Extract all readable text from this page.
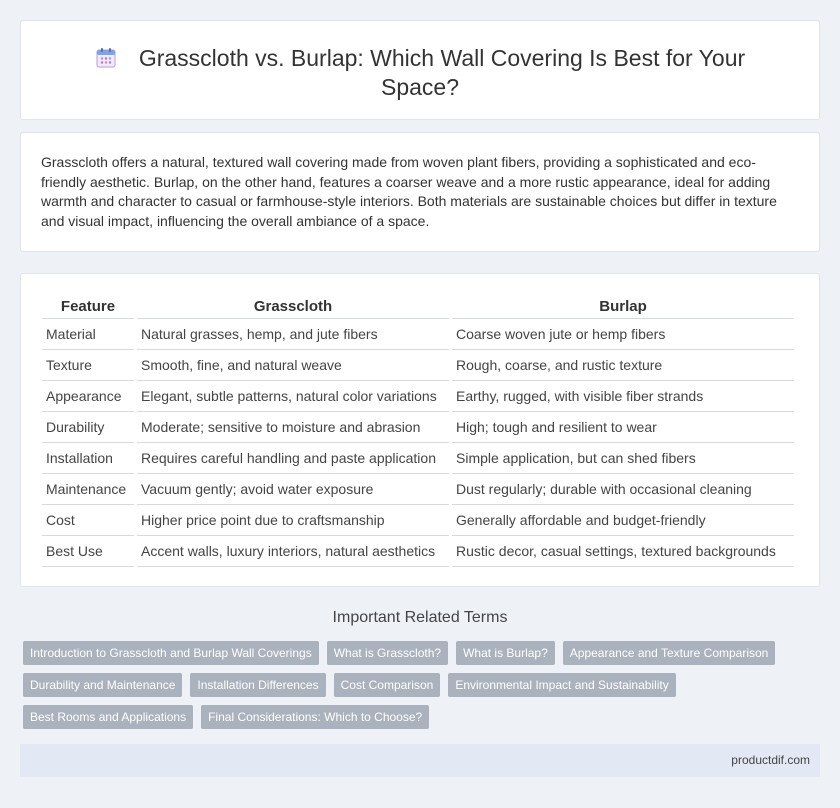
Grasscloth vs. Burlap: Which Wall Covering Is Best for Your Space?

Grasscloth offers a natural, textured wall covering made from woven plant fibers, providing a sophisticated and eco-friendly aesthetic. Burlap, on the other hand, features a coarser weave and a more rustic appearance, ideal for adding warmth and character to casual or farmhouse-style interiors. Both materials are sustainable choices but differ in texture and visual impact, influencing the overall ambiance of a space.

Feature	Grasscloth	Burlap
Material	Natural grasses, hemp, and jute fibers	Coarse woven jute or hemp fibers
Texture	Smooth, fine, and natural weave	Rough, coarse, and rustic texture
Appearance	Elegant, subtle patterns, natural color variations	Earthy, rugged, with visible fiber strands
Durability	Moderate; sensitive to moisture and abrasion	High; tough and resilient to wear
Installation	Requires careful handling and paste application	Simple application, but can shed fibers
Maintenance	Vacuum gently; avoid water exposure	Dust regularly; durable with occasional cleaning
Cost	Higher price point due to craftsmanship	Generally affordable and budget-friendly
Best Use	Accent walls, luxury interiors, natural aesthetics	Rustic decor, casual settings, textured backgrounds
Important Related Terms
Introduction to Grasscloth and Burlap Wall Coverings	What is Grasscloth?	What is Burlap?	Appearance and Texture Comparison
Durability and Maintenance	Installation Differences	Cost Comparison	Environmental Impact and Sustainability
Best Rooms and Applications	Final Considerations: Which to Choose?
productdif.com
